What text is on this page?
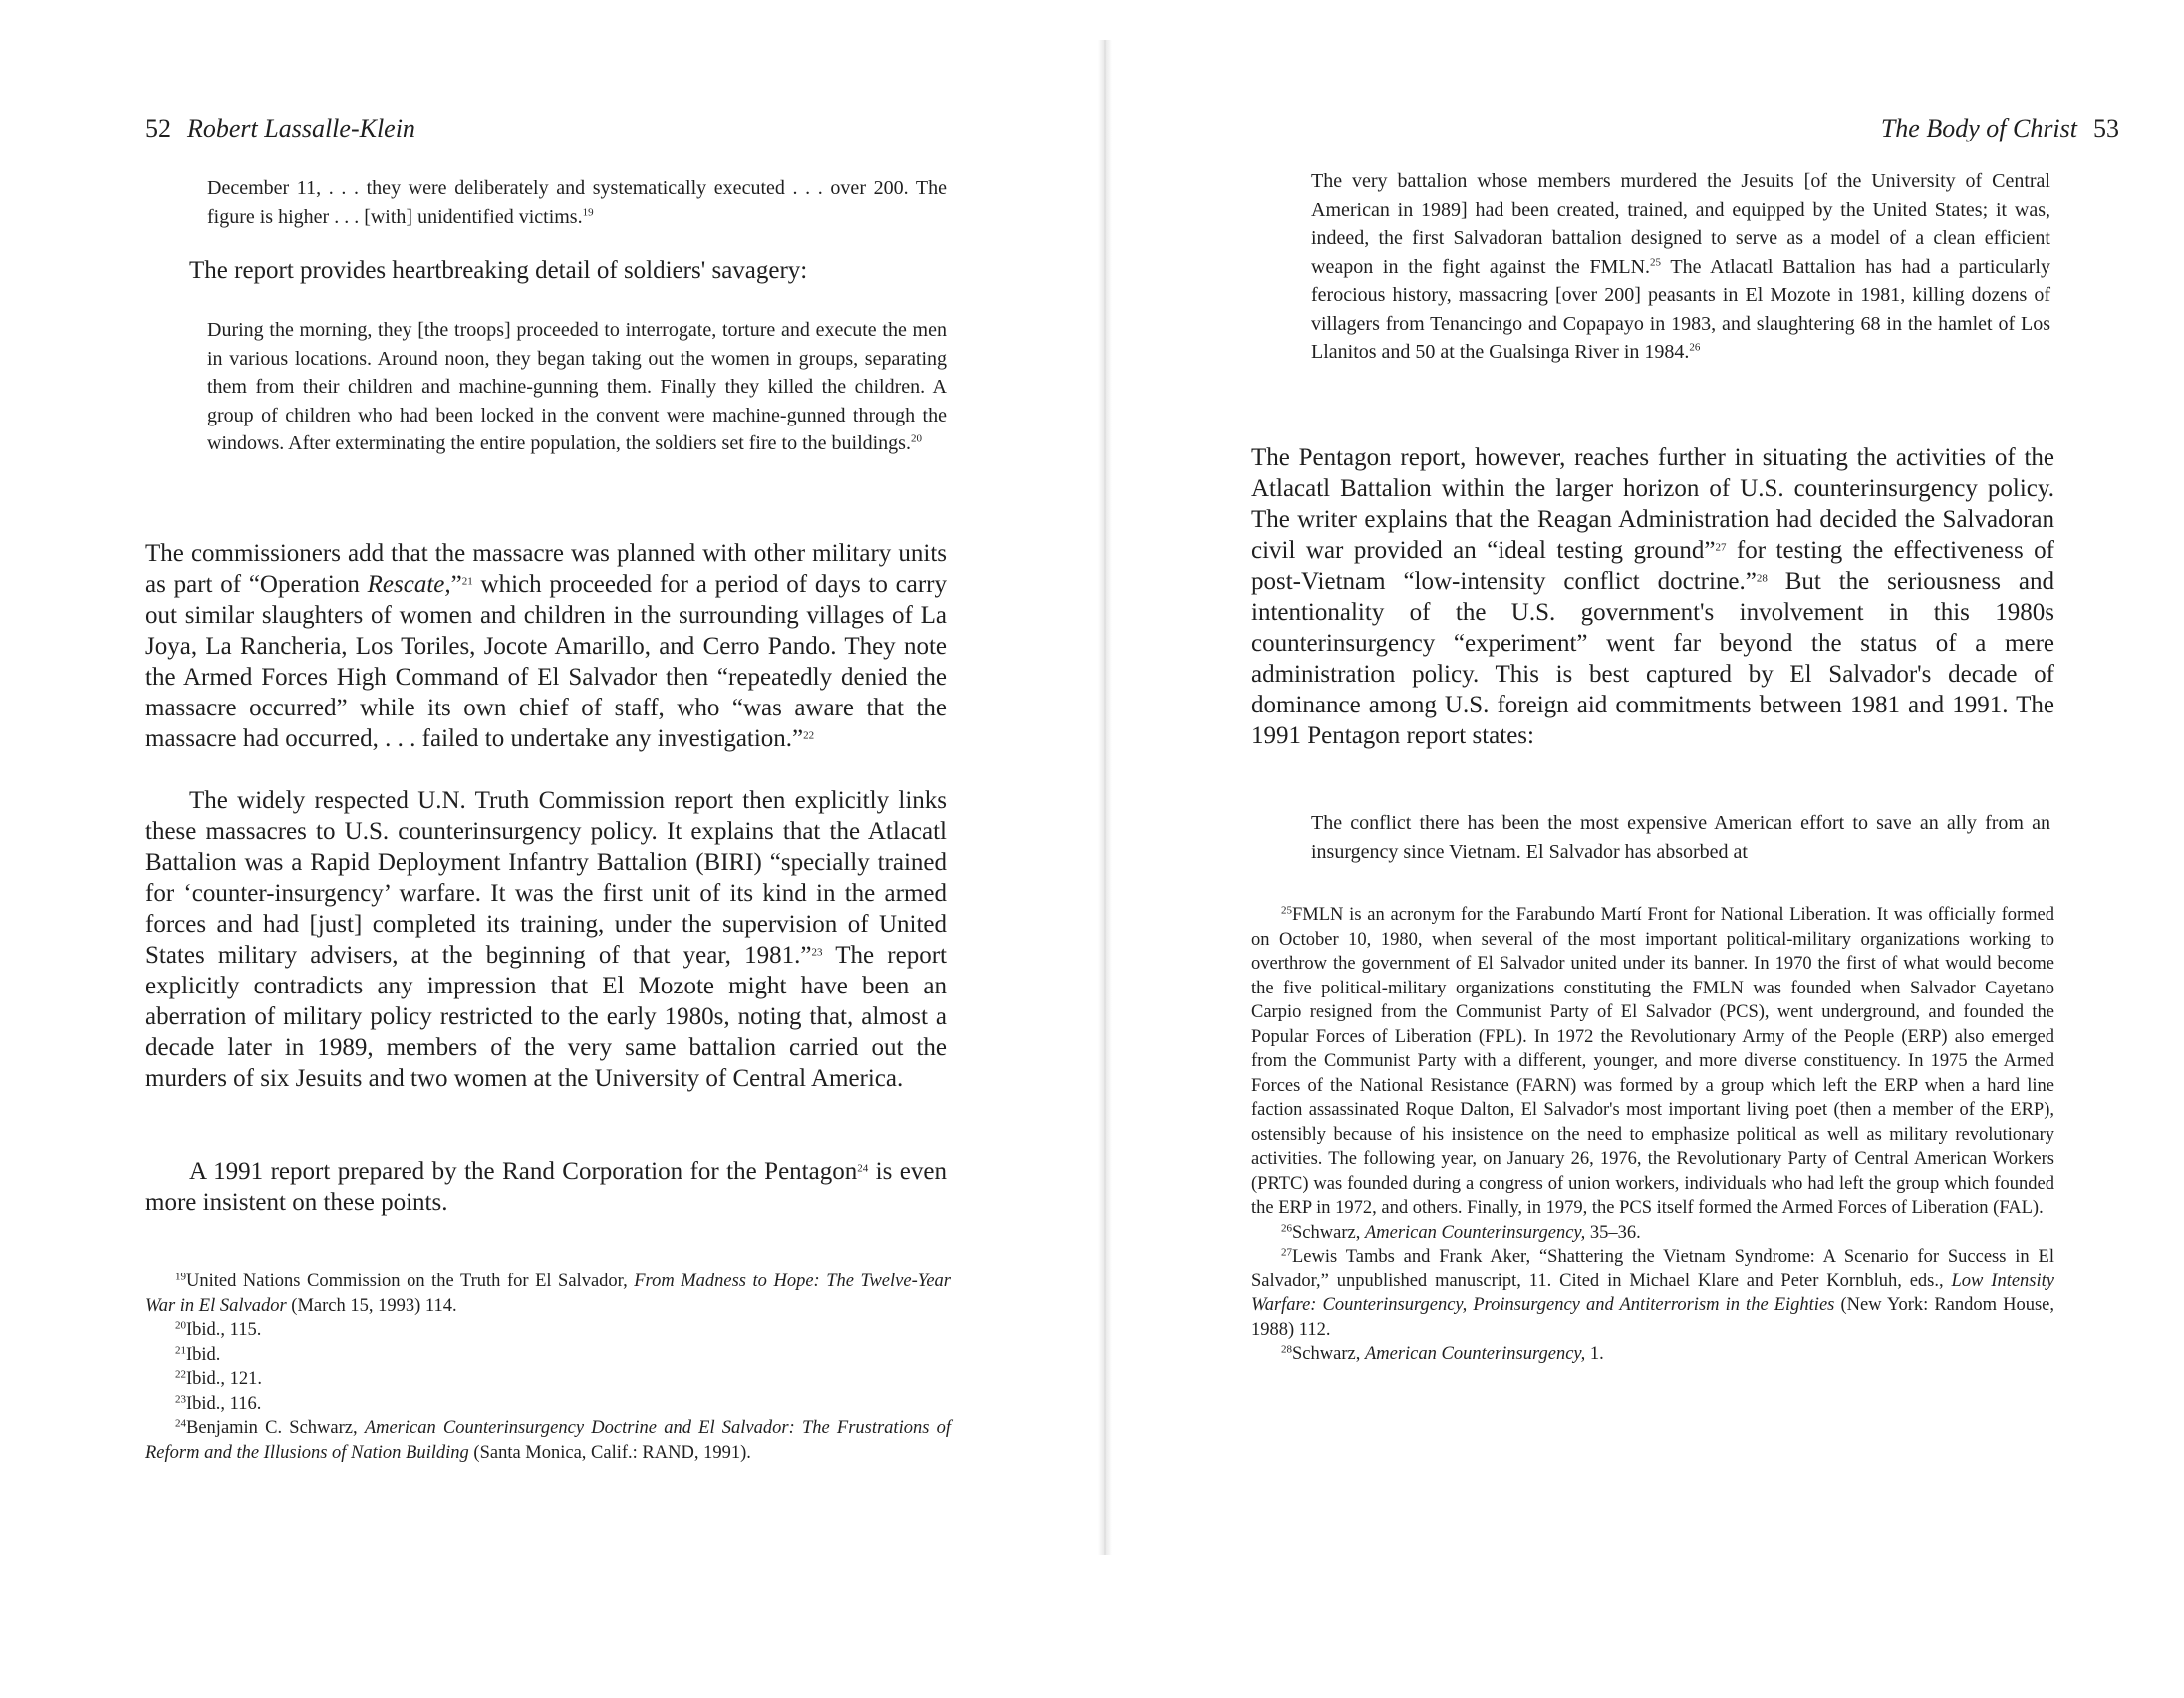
52 Robert Lassalle-Klein

December 11, . . . they were deliberately and systematically executed . . . over 200. The figure is higher . . . [with] unidentified victims.$^{19}$

The report provides heartbreaking detail of soldiers' savagery:

During the morning, they [the troops] proceeded to interrogate, torture and execute the men in various locations. Around noon, they began taking out the women in groups, separating them from their children and machine-gunning them. Finally they killed the children. A group of children who had been locked in the convent were machine-gunned through the windows. After exterminating the entire population, the soldiers set fire to the buildings.$^{20}$

The commissioners add that the massacre was planned with other military units as part of “Operation Rescate,”$^{21}$ which proceeded for a period of days to carry out similar slaughters of women and children in the surrounding villages of La Joya, La Rancheria, Los Toriles, Jocote Amarillo, and Cerro Pando. They note the Armed Forces High Command of El Salvador then “repeatedly denied the massacre occurred” while its own chief of staff, who “was aware that the massacre had occurred, . . . failed to undertake any investigation.”$^{22}$

The widely respected U.N. Truth Commission report then explicitly links these massacres to U.S. counterinsurgency policy. It explains that the Atlacatl Battalion was a Rapid Deployment Infantry Battalion (BIRI) “specially trained for ‘counter-insurgency’ warfare. It was the first unit of its kind in the armed forces and had [just] completed its training, under the supervision of United States military advisers, at the beginning of that year, 1981.”$^{23}$ The report explicitly contradicts any impression that El Mozote might have been an aberration of military policy restricted to the early 1980s, noting that, almost a decade later in 1989, members of the very same battalion carried out the murders of six Jesuits and two women at the University of Central America.

A 1991 report prepared by the Rand Corporation for the Pentagon$^{24}$ is even more insistent on these points.

$^{19}$United Nations Commission on the Truth for El Salvador, From Madness to Hope: The Twelve-Year War in El Salvador (March 15, 1993) 114.
$^{20}$Ibid., 115.
$^{21}$Ibid.
$^{22}$Ibid., 121.
$^{23}$Ibid., 116.
$^{24}$Benjamin C. Schwarz, American Counterinsurgency Doctrine and El Salvador: The Frustrations of Reform and the Illusions of Nation Building (Santa Monica, Calif.: RAND, 1991).
The Body of Christ 53

The very battalion whose members murdered the Jesuits [of the University of Central American in 1989] had been created, trained, and equipped by the United States; it was, indeed, the first Salvadoran battalion designed to serve as a model of a clean efficient weapon in the fight against the FMLN.$^{25}$ The Atlacatl Battalion has had a particularly ferocious history, massacring [over 200] peasants in El Mozote in 1981, killing dozens of villagers from Tenancingo and Copapayo in 1983, and slaughtering 68 in the hamlet of Los Llanitos and 50 at the Gualsinga River in 1984.26

The Pentagon report, however, reaches further in situating the activities of the Atlacatl Battalion within the larger horizon of U.S. counterinsurgency policy. The writer explains that the Reagan Administration had decided the Salvadoran civil war provided an “ideal testing ground”$^{27}$ for testing the effectiveness of post-Vietnam “low-intensity conflict doctrine.”$^{28}$ But the seriousness and intentionality of the U.S. government's involvement in this 1980s counterinsurgency “experiment” went far beyond the status of a mere administration policy. This is best captured by El Salvador's decade of dominance among U.S. foreign aid commitments between 1981 and 1991. The 1991 Pentagon report states:

The conflict there has been the most expensive American effort to save an ally from an insurgency since Vietnam. El Salvador has absorbed at

$^{25}$FMLN is an acronym for the Farabundo Martí Front for National Liberation. It was officially formed on October 10, 1980, when several of the most important political-military organizations working to overthrow the government of El Salvador united under its banner. In 1970 the first of what would become the five political-military organizations constituting the FMLN was founded when Salvador Cayetano Carpio resigned from the Communist Party of El Salvador (PCS), went underground, and founded the Popular Forces of Liberation (FPL). In 1972 the Revolutionary Army of the People (ERP) also emerged from the Communist Party with a different, younger, and more diverse constituency. In 1975 the Armed Forces of the National Resistance (FARN) was formed by a group which left the ERP when a hard line faction assassinated Roque Dalton, El Salvador's most important living poet (then a member of the ERP), ostensibly because of his insistence on the need to emphasize political as well as military revolutionary activities. The following year, on January 26, 1976, the Revolutionary Party of Central American Workers (PRTC) was founded during a congress of union workers, individuals who had left the group which founded the ERP in 1972, and others. Finally, in 1979, the PCS itself formed the Armed Forces of Liberation (FAL).
$^{26}$Schwarz, American Counterinsurgency, 35–36.
$^{27}$Lewis Tambs and Frank Aker, “Shattering the Vietnam Syndrome: A Scenario for Success in El Salvador,” unpublished manuscript, 11. Cited in Michael Klare and Peter Kornbluh, eds., Low Intensity Warfare: Counterinsurgency, Proinsurgency and Antiterrorism in the Eighties (New York: Random House, 1988) 112.
$^{28}$Schwarz, American Counterinsurgency, 1.
